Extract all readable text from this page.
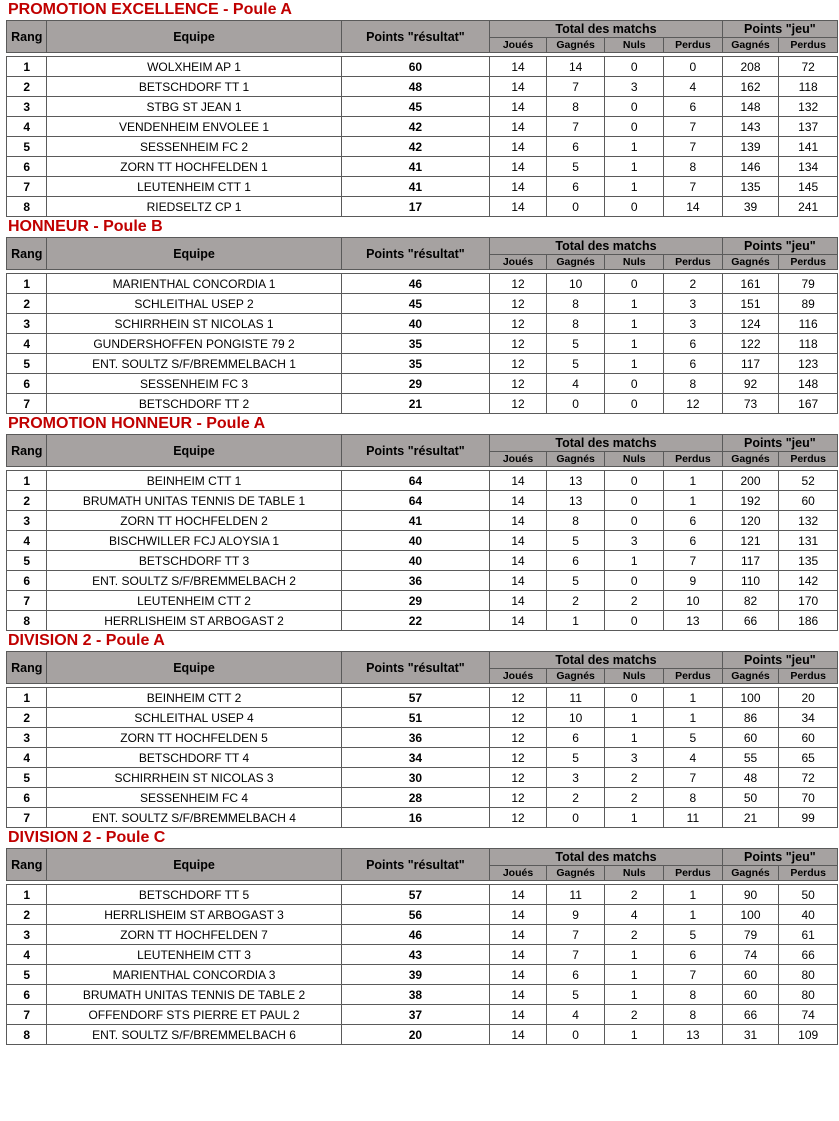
PROMOTION EXCELLENCE - Poule A
Rang	Equipe	Points "résultat"	Total des matchs				Points "jeu"	
			Joués	Gagnés	Nuls	Perdus	Gagnés	Perdus

1	WOLXHEIM AP 1	60	14	14	0	0	208	72
2	BETSCHDORF TT 1	48	14	7	3	4	162	118
3	STBG ST JEAN 1	45	14	8	0	6	148	132
4	VENDENHEIM ENVOLEE 1	42	14	7	0	7	143	137
5	SESSENHEIM FC 2	42	14	6	1	7	139	141
6	ZORN TT HOCHFELDEN 1	41	14	5	1	8	146	134
7	LEUTENHEIM CTT 1	41	14	6	1	7	135	145
8	RIEDSELTZ CP 1	17	14	0	0	14	39	241
HONNEUR - Poule B
Rang	Equipe	Points "résultat"	Total des matchs				Points "jeu"	
			Joués	Gagnés	Nuls	Perdus	Gagnés	Perdus

1	MARIENTHAL CONCORDIA 1	46	12	10	0	2	161	79
2	SCHLEITHAL USEP 2	45	12	8	1	3	151	89
3	SCHIRRHEIN ST NICOLAS 1	40	12	8	1	3	124	116
4	GUNDERSHOFFEN PONGISTE 79 2	35	12	5	1	6	122	118
5	ENT. SOULTZ S/F/BREMMELBACH 1	35	12	5	1	6	117	123
6	SESSENHEIM FC 3	29	12	4	0	8	92	148
7	BETSCHDORF TT 2	21	12	0	0	12	73	167
PROMOTION HONNEUR - Poule A
Rang	Equipe	Points "résultat"	Total des matchs				Points "jeu"	
			Joués	Gagnés	Nuls	Perdus	Gagnés	Perdus

1	BEINHEIM CTT 1	64	14	13	0	1	200	52
2	BRUMATH UNITAS TENNIS DE TABLE 1	64	14	13	0	1	192	60
3	ZORN TT HOCHFELDEN 2	41	14	8	0	6	120	132
4	BISCHWILLER FCJ ALOYSIA 1	40	14	5	3	6	121	131
5	BETSCHDORF TT 3	40	14	6	1	7	117	135
6	ENT. SOULTZ S/F/BREMMELBACH 2	36	14	5	0	9	110	142
7	LEUTENHEIM CTT 2	29	14	2	2	10	82	170
8	HERRLISHEIM ST ARBOGAST 2	22	14	1	0	13	66	186
DIVISION 2 - Poule A
Rang	Equipe	Points "résultat"	Total des matchs				Points "jeu"	
			Joués	Gagnés	Nuls	Perdus	Gagnés	Perdus

1	BEINHEIM CTT 2	57	12	11	0	1	100	20
2	SCHLEITHAL USEP 4	51	12	10	1	1	86	34
3	ZORN TT HOCHFELDEN 5	36	12	6	1	5	60	60
4	BETSCHDORF TT 4	34	12	5	3	4	55	65
5	SCHIRRHEIN ST NICOLAS 3	30	12	3	2	7	48	72
6	SESSENHEIM FC 4	28	12	2	2	8	50	70
7	ENT. SOULTZ S/F/BREMMELBACH 4	16	12	0	1	11	21	99
DIVISION 2 - Poule C
Rang	Equipe	Points "résultat"	Total des matchs				Points "jeu"	
			Joués	Gagnés	Nuls	Perdus	Gagnés	Perdus

1	BETSCHDORF TT 5	57	14	11	2	1	90	50
2	HERRLISHEIM ST ARBOGAST 3	56	14	9	4	1	100	40
3	ZORN TT HOCHFELDEN 7	46	14	7	2	5	79	61
4	LEUTENHEIM CTT 3	43	14	7	1	6	74	66
5	MARIENTHAL CONCORDIA 3	39	14	6	1	7	60	80
6	BRUMATH UNITAS TENNIS DE TABLE 2	38	14	5	1	8	60	80
7	OFFENDORF STS PIERRE ET PAUL 2	37	14	4	2	8	66	74
8	ENT. SOULTZ S/F/BREMMELBACH 6	20	14	0	1	13	31	109
